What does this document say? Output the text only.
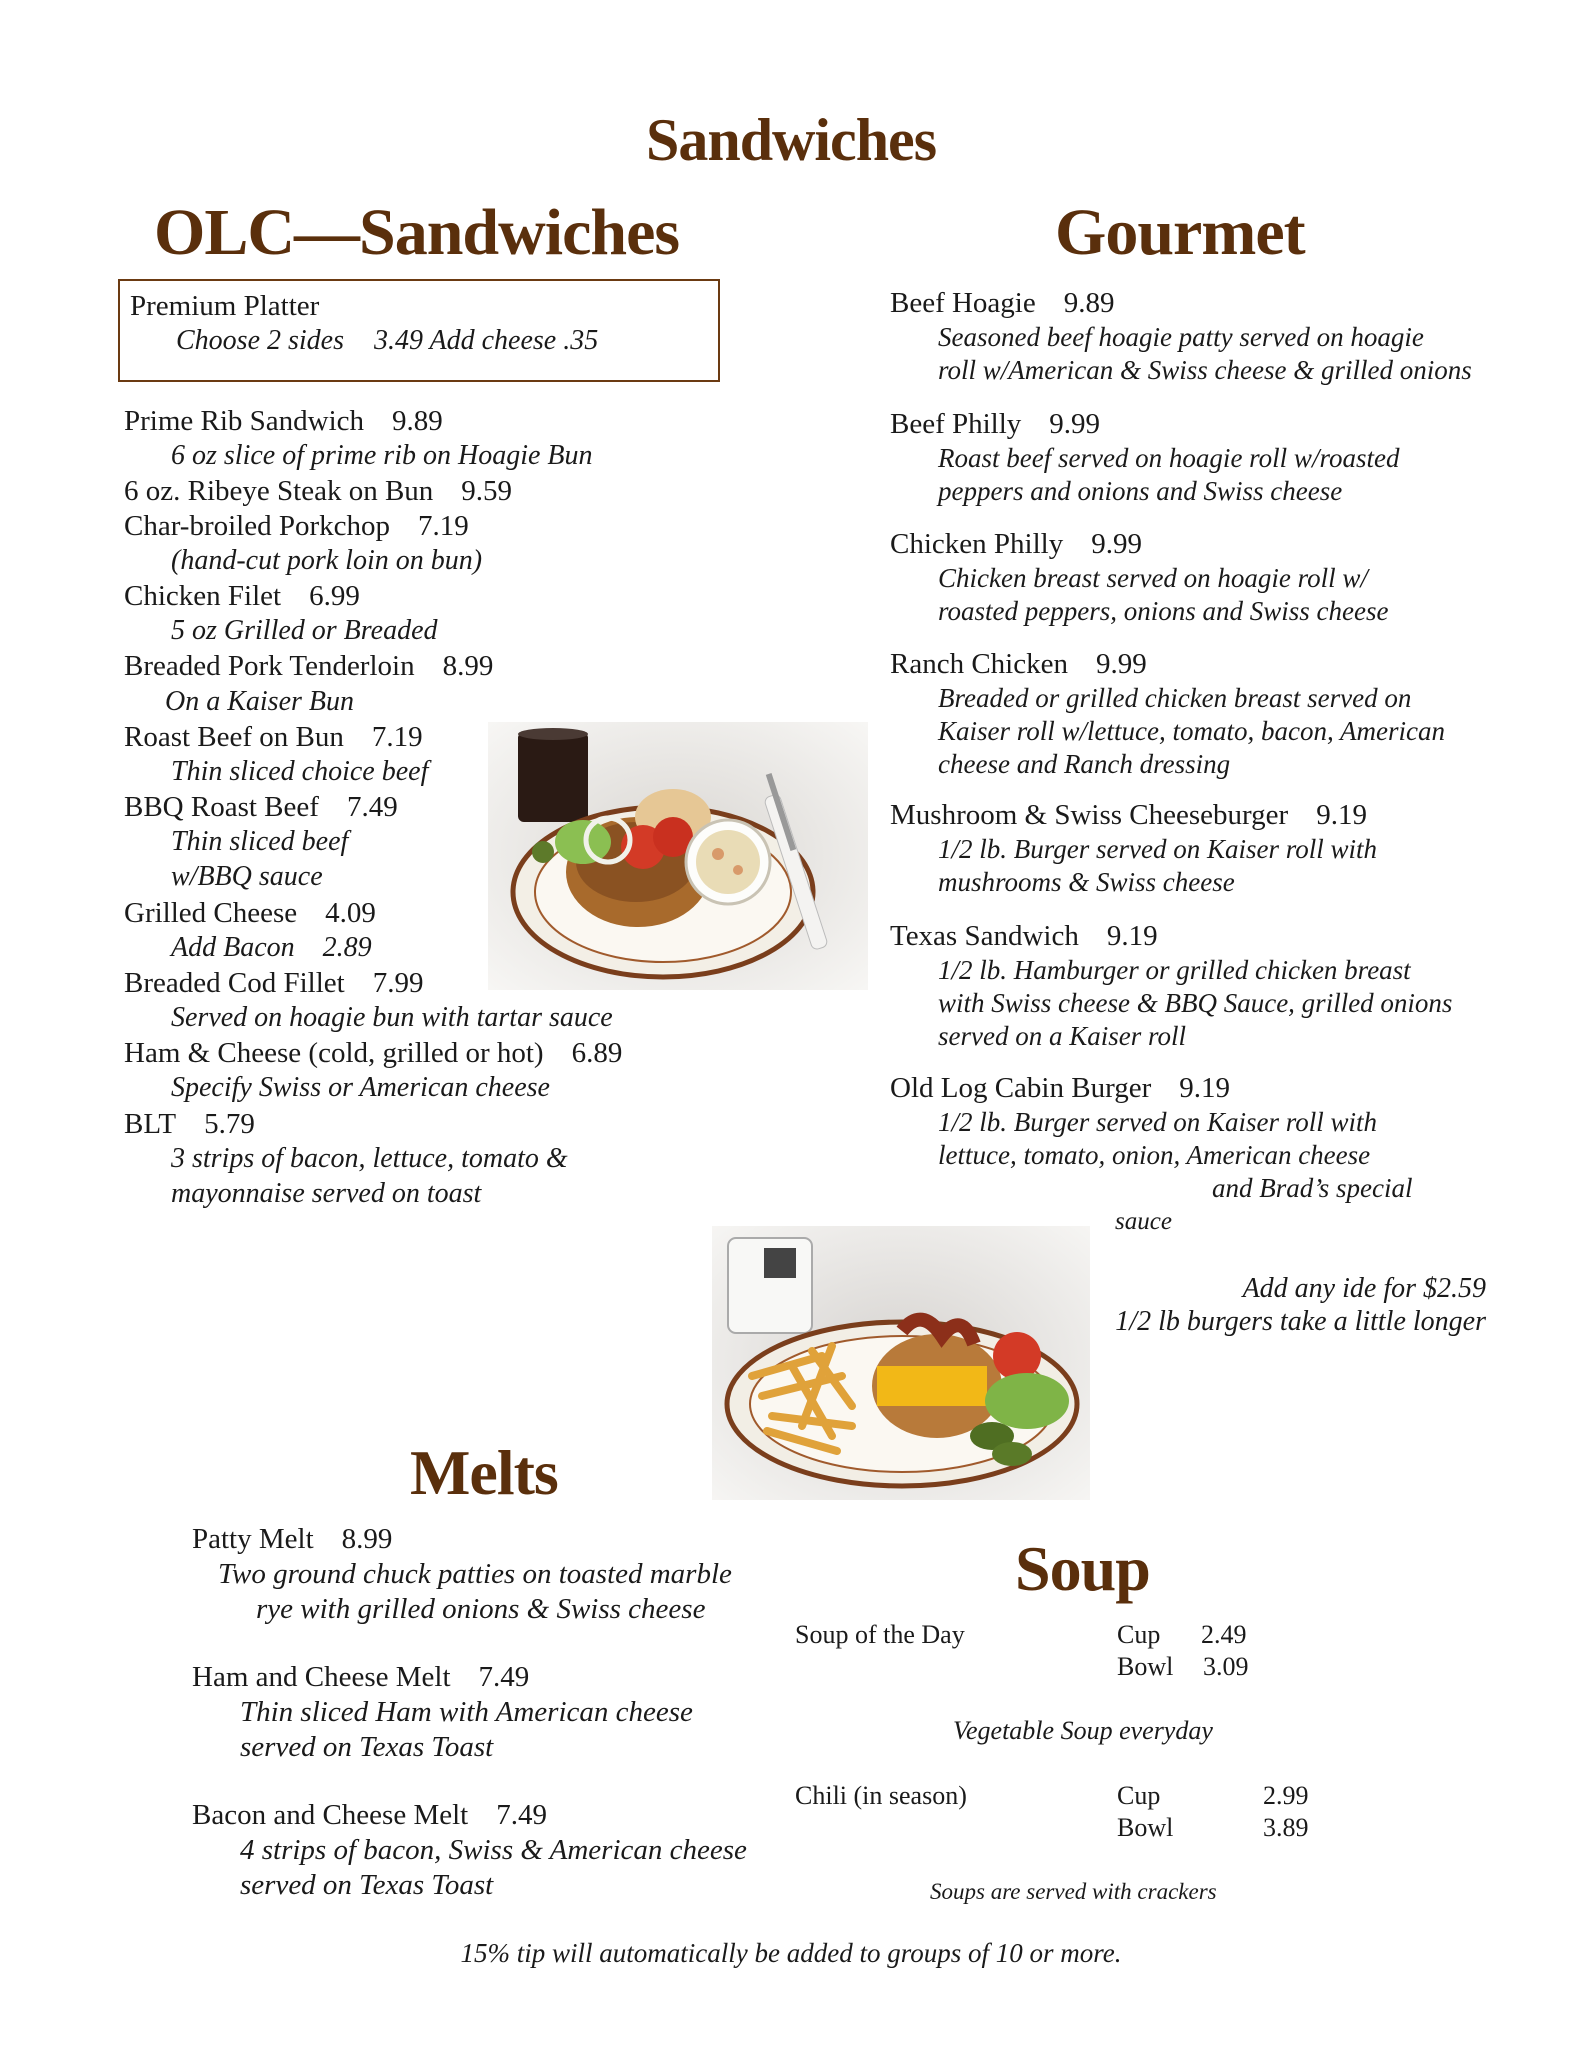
Sandwiches
OLC—Sandwiches	Gourmet
Premium Platter
Choose 2 sides 3.49 Add cheese .35
Prime Rib Sandwich 9.89
6 oz slice of prime rib on Hoagie Bun
6 oz. Ribeye Steak on Bun 9.59
Char-broiled Porkchop 7.19
(hand-cut pork loin on bun)
Chicken Filet 6.99
5 oz Grilled or Breaded
Breaded Pork Tenderloin 8.99
On a Kaiser Bun
Roast Beef on Bun 7.19
Thin sliced choice beef
BBQ Roast Beef 7.49
Thin sliced beef
w/BBQ sauce
Grilled Cheese 4.09
Add Bacon 2.89
Breaded Cod Fillet 7.99
Served on hoagie bun with tartar sauce
Ham & Cheese (cold, grilled or hot) 6.89
Specify Swiss or American cheese
BLT 5.79
3 strips of bacon, lettuce, tomato &
mayonnaise served on toast
Beef Hoagie 9.89
Seasoned beef hoagie patty served on hoagie
roll w/American & Swiss cheese & grilled onions
Beef Philly 9.99
Roast beef served on hoagie roll w/roasted
peppers and onions and Swiss cheese
Chicken Philly 9.99
Chicken breast served on hoagie roll w/
roasted peppers, onions and Swiss cheese
Ranch Chicken 9.99
Breaded or grilled chicken breast served on
Kaiser roll w/lettuce, tomato, bacon, American
cheese and Ranch dressing
Mushroom & Swiss Cheeseburger 9.19
1/2 lb. Burger served on Kaiser roll with
mushrooms & Swiss cheese
Texas Sandwich 9.19
1/2 lb. Hamburger or grilled chicken breast
with Swiss cheese & BBQ Sauce, grilled onions
served on a Kaiser roll
Old Log Cabin Burger 9.19
1/2 lb. Burger served on Kaiser roll with
lettuce, tomato, onion, American cheese
and Brad’s special
sauce
Add any ide for $2.59
1/2 lb burgers take a little longer
Melts
Patty Melt 8.99
Two ground chuck patties on toasted marble
rye with grilled onions & Swiss cheese
Ham and Cheese Melt 7.49
Thin sliced Ham with American cheese
served on Texas Toast
Bacon and Cheese Melt 7.49
4 strips of bacon, Swiss & American cheese
served on Texas Toast
Soup
Soup of the Day	Cup 2.49
Bowl 3.09
Vegetable Soup everyday
Chili (in season)	Cup	2.99
Bowl	3.89
Soups are served with crackers
15% tip will automatically be added to groups of 10 or more.
